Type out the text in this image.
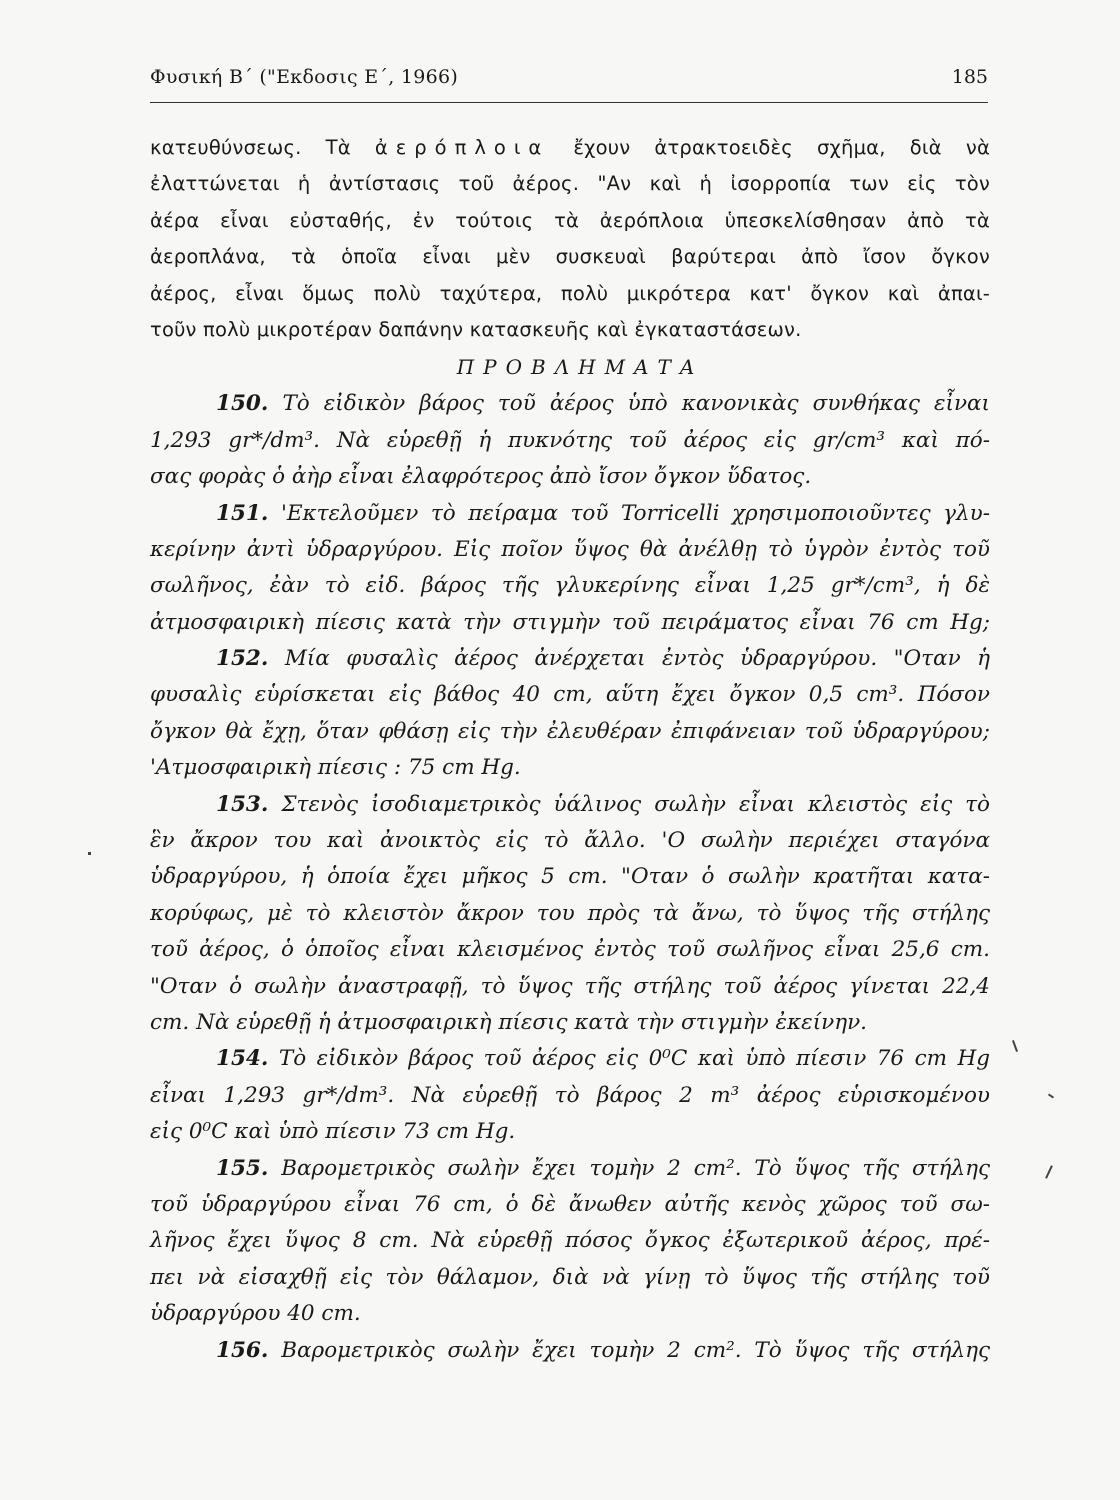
Φυσική Β΄ ("Εκδοσις Ε΄, 1966)	185
κατευθύνσεως. Τὰ ἀερόπλοια ἔχουν ἀτρακτοειδὲς σχῆμα, διὰ νὰ
ἐλαττώνεται ἡ ἀντίστασις τοῦ ἀέρος. "Αν καὶ ἡ ἰσορροπία των εἰς τὸν
ἀέρα εἶναι εὐσταθής, ἐν τούτοις τὰ ἀερόπλοια ὑπεσκελίσθησαν ἀπὸ τὰ
ἀεροπλάνα, τὰ ὁποῖα εἶναι μὲν συσκευαὶ βαρύτεραι ἀπὸ ἴσον ὄγκον
ἀέρος, εἶναι ὅμως πολὺ ταχύτερα, πολὺ μικρότερα κατ' ὄγκον καὶ ἀπαι-
τοῦν πολὺ μικροτέραν δαπάνην κατασκευῆς καὶ ἐγκαταστάσεων.
ΠΡΟΒΛΗΜΑΤΑ
150. Τὸ εἰδικὸν βάρος τοῦ ἀέρος ὑπὸ κανονικὰς συνθήκας εἶναι
1,293 gr*/dm³. Νὰ εὑρεθῇ ἡ πυκνότης τοῦ ἀέρος εἰς gr/cm³ καὶ πό-
σας φορὰς ὁ ἀὴρ εἶναι ἐλαφρότερος ἀπὸ ἴσον ὄγκον ὕδατος.
151. 'Εκτελοῦμεν τὸ πείραμα τοῦ Torricelli χρησιμοποιοῦντες γλυ-
κερίνην ἀντὶ ὑδραργύρου. Εἰς ποῖον ὕψος θὰ ἀνέλθῃ τὸ ὑγρὸν ἐντὸς τοῦ
σωλῆνος, ἐὰν τὸ εἰδ. βάρος τῆς γλυκερίνης εἶναι 1,25 gr*/cm³, ἡ δὲ
ἀτμοσφαιρικὴ πίεσις κατὰ τὴν στιγμὴν τοῦ πειράματος εἶναι 76 cm Hg;
152. Μία φυσαλὶς ἀέρος ἀνέρχεται ἐντὸς ὑδραργύρου. "Οταν ἡ
φυσαλὶς εὑρίσκεται εἰς βάθος 40 cm, αὕτη ἔχει ὄγκον 0,5 cm³. Πόσον
ὄγκον θὰ ἔχῃ, ὅταν φθάσῃ εἰς τὴν ἐλευθέραν ἐπιφάνειαν τοῦ ὑδραργύρου;
'Ατμοσφαιρικὴ πίεσις : 75 cm Hg.
153. Στενὸς ἰσοδιαμετρικὸς ὑάλινος σωλὴν εἶναι κλειστὸς εἰς τὸ
ἓν ἄκρον του καὶ ἀνοικτὸς εἰς τὸ ἄλλο. 'Ο σωλὴν περιέχει σταγόνα
ὑδραργύρου, ἡ ὁποία ἔχει μῆκος 5 cm. "Οταν ὁ σωλὴν κρατῆται κατα-
κορύφως, μὲ τὸ κλειστὸν ἄκρον του πρὸς τὰ ἄνω, τὸ ὕψος τῆς στήλης
τοῦ ἀέρος, ὁ ὁποῖος εἶναι κλεισμένος ἐντὸς τοῦ σωλῆνος εἶναι 25,6 cm.
"Οταν ὁ σωλὴν ἀναστραφῇ, τὸ ὕψος τῆς στήλης τοῦ ἀέρος γίνεται 22,4
cm. Νὰ εὑρεθῇ ἡ ἀτμοσφαιρικὴ πίεσις κατὰ τὴν στιγμὴν ἐκείνην.
154. Τὸ εἰδικὸν βάρος τοῦ ἀέρος εἰς 0⁰C καὶ ὑπὸ πίεσιν 76 cm Hg
εἶναι 1,293 gr*/dm³. Νὰ εὑρεθῇ τὸ βάρος 2 m³ ἀέρος εὑρισκομένου
εἰς 0⁰C καὶ ὑπὸ πίεσιν 73 cm Hg.
155. Βαρομετρικὸς σωλὴν ἔχει τομὴν 2 cm². Τὸ ὕψος τῆς στήλης
τοῦ ὑδραργύρου εἶναι 76 cm, ὁ δὲ ἄνωθεν αὐτῆς κενὸς χῶρος τοῦ σω-
λῆνος ἔχει ὕψος 8 cm. Νὰ εὑρεθῇ πόσος ὄγκος ἐξωτερικοῦ ἀέρος, πρέ-
πει νὰ εἰσαχθῇ εἰς τὸν θάλαμον, διὰ νὰ γίνῃ τὸ ὕψος τῆς στήλης τοῦ
ὑδραργύρου 40 cm.
156. Βαρομετρικὸς σωλὴν ἔχει τομὴν 2 cm². Τὸ ὕψος τῆς στήλης
